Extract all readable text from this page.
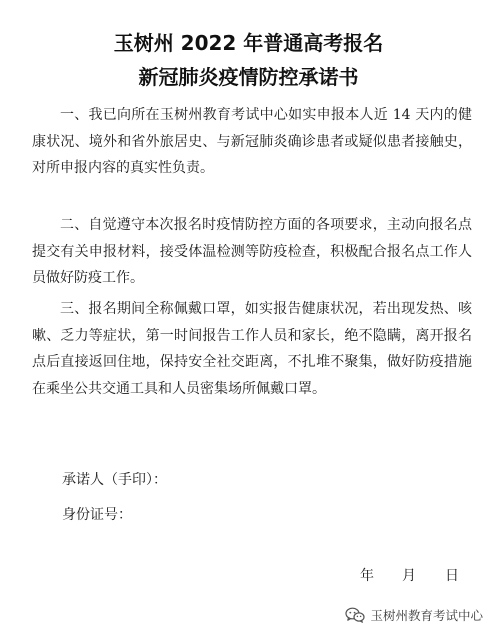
玉树州 2022 年普通高考报名
新冠肺炎疫情防控承诺书
一、我已向所在玉树州教育考试中心如实申报本人近 14 天内的健康状况、境外和省外旅居史、与新冠肺炎确诊患者或疑似患者接触史，对所申报内容的真实性负责。
二、自觉遵守本次报名时疫情防控方面的各项要求，主动向报名点提交有关申报材料，接受体温检测等防疫检查，积极配合报名点工作人员做好防疫工作。
三、报名期间全称佩戴口罩，如实报告健康状况，若出现发热、咳嗽、乏力等症状，第一时间报告工作人员和家长，绝不隐瞒，离开报名点后直接返回住地，保持安全社交距离，不扎堆不聚集，做好防疫措施在乘坐公共交通工具和人员密集场所佩戴口罩。
承诺人（手印）：
身份证号：
年 月 日
玉树州教育考试中心
